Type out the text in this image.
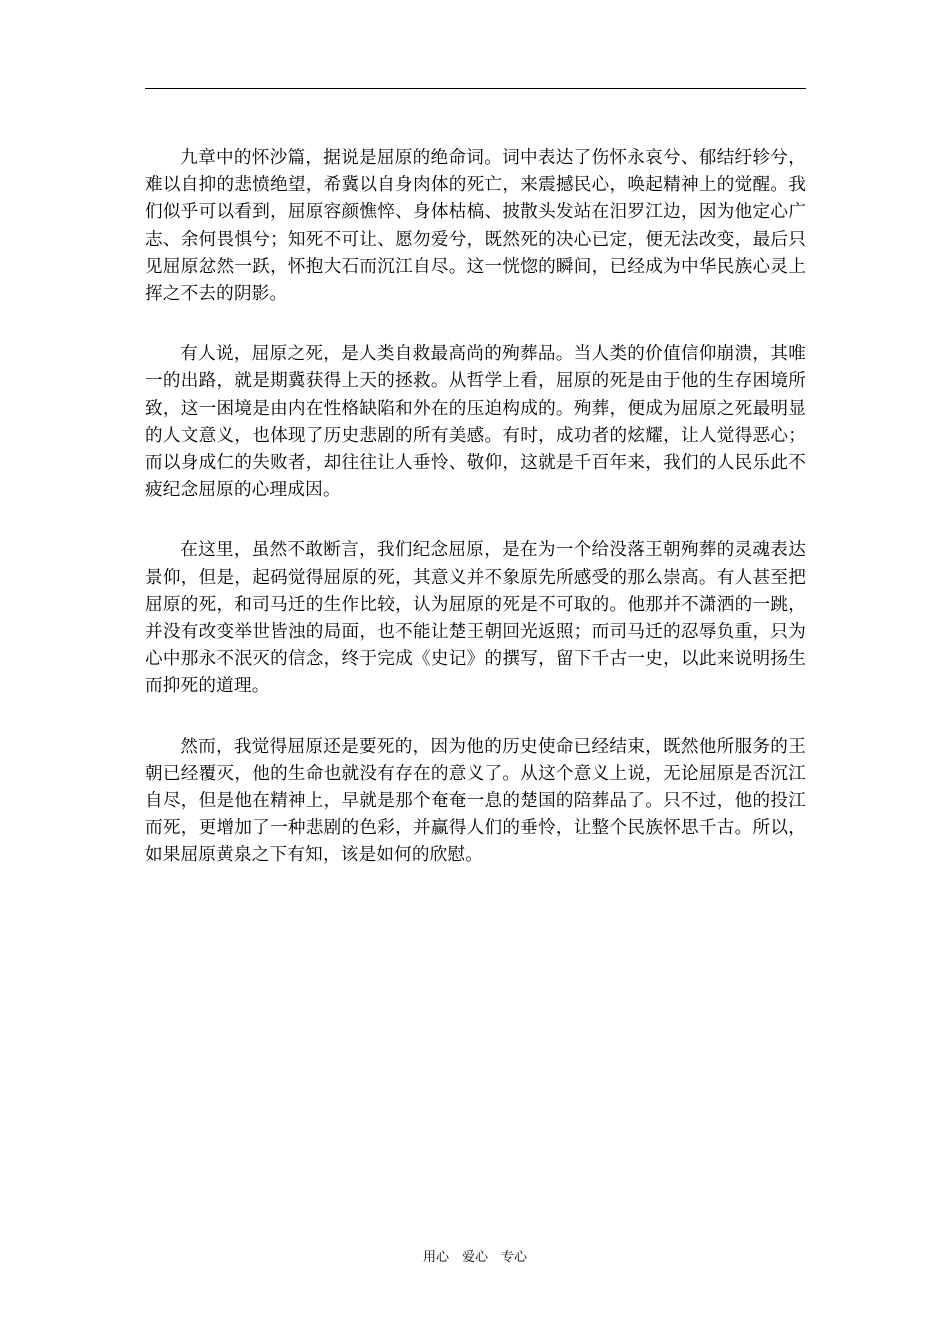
九章中的怀沙篇，据说是屈原的绝命词。词中表达了伤怀永哀兮、郁结纡轸兮，难以自抑的悲愤绝望，希冀以自身肉体的死亡，来震撼民心，唤起精神上的觉醒。我们似乎可以看到，屈原容颜憔悴、身体枯槁、披散头发站在汨罗江边，因为他定心广志、余何畏惧兮；知死不可让、愿勿爱兮，既然死的决心已定，便无法改变，最后只见屈原忿然一跃，怀抱大石而沉江自尽。这一恍惚的瞬间，已经成为中华民族心灵上挥之不去的阴影。

有人说，屈原之死，是人类自救最高尚的殉葬品。当人类的价值信仰崩溃，其唯一的出路，就是期冀获得上天的拯救。从哲学上看，屈原的死是由于他的生存困境所致，这一困境是由内在性格缺陷和外在的压迫构成的。殉葬，便成为屈原之死最明显的人文意义，也体现了历史悲剧的所有美感。有时，成功者的炫耀，让人觉得恶心；而以身成仁的失败者，却往往让人垂怜、敬仰，这就是千百年来，我们的人民乐此不疲纪念屈原的心理成因。

在这里，虽然不敢断言，我们纪念屈原，是在为一个给没落王朝殉葬的灵魂表达景仰，但是，起码觉得屈原的死，其意义并不象原先所感受的那么崇高。有人甚至把屈原的死，和司马迁的生作比较，认为屈原的死是不可取的。他那并不潇洒的一跳，并没有改变举世皆浊的局面，也不能让楚王朝回光返照；而司马迁的忍辱负重，只为心中那永不泯灭的信念，终于完成《史记》的撰写，留下千古一史，以此来说明扬生而抑死的道理。

然而，我觉得屈原还是要死的，因为他的历史使命已经结束，既然他所服务的王朝已经覆灭，他的生命也就没有存在的意义了。从这个意义上说，无论屈原是否沉江自尽，但是他在精神上，早就是那个奄奄一息的楚国的陪葬品了。只不过，他的投江而死，更增加了一种悲剧的色彩，并赢得人们的垂怜，让整个民族怀思千古。所以，如果屈原黄泉之下有知，该是如何的欣慰。

用心　爱心　专心
